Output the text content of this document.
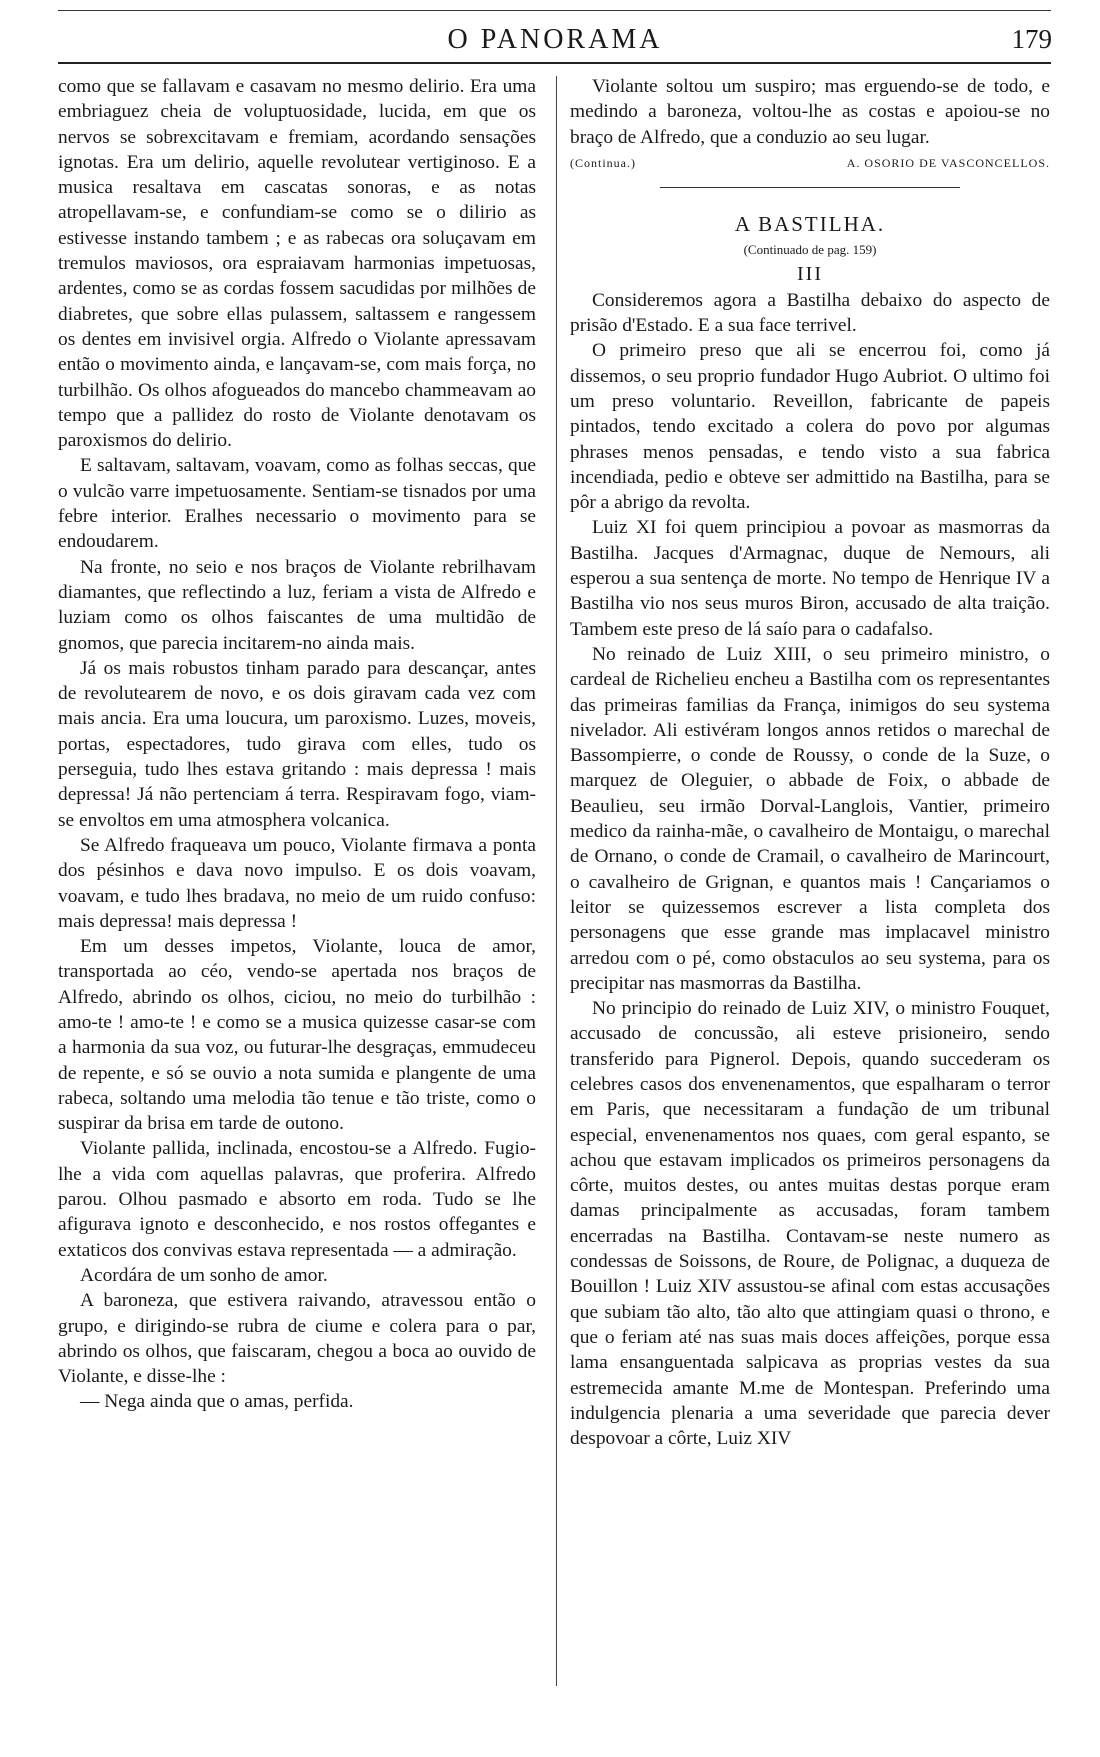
O PANORAMA	179

como que se fallavam e casavam no mesmo delirio. Era uma embriaguez cheia de voluptuosidade, lucida, em que os nervos se sobrexcitavam e fremiam, acordando sensações ignotas. Era um delirio, aquelle revolutear vertiginoso. E a musica resaltava em cascatas sonoras, e as notas atropellavam-se, e confundiam-se como se o dilirio as estivesse instando tambem ; e as rabecas ora soluçavam em tremulos maviosos, ora espraiavam harmonias impetuosas, ardentes, como se as cordas fossem sacudidas por milhões de diabretes, que sobre ellas pulassem, saltassem e rangessem os dentes em invisivel orgia. Alfredo o Violante apressavam então o movimento ainda, e lançavam-se, com mais força, no turbilhão. Os olhos afogueados do mancebo chammeavam ao tempo que a pallidez do rosto de Violante denotavam os paroxismos do delirio.

E saltavam, saltavam, voavam, como as folhas seccas, que o vulcão varre impetuosamente. Sentiam-se tisnados por uma febre interior. Eralhes necessario o movimento para se endoudarem.

Na fronte, no seio e nos braços de Violante rebrilhavam diamantes, que reflectindo a luz, feriam a vista de Alfredo e luziam como os olhos faiscantes de uma multidão de gnomos, que parecia incitarem-no ainda mais.

Já os mais robustos tinham parado para descançar, antes de revolutearem de novo, e os dois giravam cada vez com mais ancia. Era uma loucura, um paroxismo. Luzes, moveis, portas, espectadores, tudo girava com elles, tudo os perseguia, tudo lhes estava gritando : mais depressa ! mais depressa! Já não pertenciam á terra. Respiravam fogo, viam-se envoltos em uma atmosphera volcanica.

Se Alfredo fraqueava um pouco, Violante firmava a ponta dos pésinhos e dava novo impulso. E os dois voavam, voavam, e tudo lhes bradava, no meio de um ruido confuso: mais depressa! mais depressa !

Em um desses impetos, Violante, louca de amor, transportada ao céo, vendo-se apertada nos braços de Alfredo, abrindo os olhos, ciciou, no meio do turbilhão : amo-te ! amo-te ! e como se a musica quizesse casar-se com a harmonia da sua voz, ou futurar-lhe desgraças, emmudeceu de repente, e só se ouvio a nota sumida e plangente de uma rabeca, soltando uma melodia tão tenue e tão triste, como o suspirar da brisa em tarde de outono.

Violante pallida, inclinada, encostou-se a Alfredo. Fugio-lhe a vida com aquellas palavras, que proferira. Alfredo parou. Olhou pasmado e absorto em roda. Tudo se lhe afigurava ignoto e desconhecido, e nos rostos offegantes e extaticos dos convivas estava representada — a admiração.

Acordára de um sonho de amor.

A baroneza, que estivera raivando, atravessou então o grupo, e dirigindo-se rubra de ciume e colera para o par, abrindo os olhos, que faiscaram, chegou a boca ao ouvido de Violante, e disse-lhe :

— Nega ainda que o amas, perfida.

Violante soltou um suspiro; mas erguendo-se de todo, e medindo a baroneza, voltou-lhe as costas e apoiou-se no braço de Alfredo, que a conduzio ao seu lugar.

(Continua.)	A. OSORIO DE VASCONCELLOS.

A BASTILHA.

(Continuado de pag. 159)

III

Consideremos agora a Bastilha debaixo do aspecto de prisão d'Estado. E a sua face terrivel.

O primeiro preso que ali se encerrou foi, como já dissemos, o seu proprio fundador Hugo Aubriot. O ultimo foi um preso voluntario. Reveillon, fabricante de papeis pintados, tendo excitado a colera do povo por algumas phrases menos pensadas, e tendo visto a sua fabrica incendiada, pedio e obteve ser admittido na Bastilha, para se pôr a abrigo da revolta.

Luiz XI foi quem principiou a povoar as masmorras da Bastilha. Jacques d'Armagnac, duque de Nemours, ali esperou a sua sentença de morte. No tempo de Henrique IV a Bastilha vio nos seus muros Biron, accusado de alta traição. Tambem este preso de lá saío para o cadafalso.

No reinado de Luiz XIII, o seu primeiro ministro, o cardeal de Richelieu encheu a Bastilha com os representantes das primeiras familias da França, inimigos do seu systema nivelador. Ali estivéram longos annos retidos o marechal de Bassompierre, o conde de Roussy, o conde de la Suze, o marquez de Oleguier, o abbade de Foix, o abbade de Beaulieu, seu irmão Dorval-Langlois, Vantier, primeiro medico da rainha-mãe, o cavalheiro de Montaigu, o marechal de Ornano, o conde de Cramail, o cavalheiro de Marincourt, o cavalheiro de Grignan, e quantos mais ! Cançariamos o leitor se quizessemos escrever a lista completa dos personagens que esse grande mas implacavel ministro arredou com o pé, como obstaculos ao seu systema, para os precipitar nas masmorras da Bastilha.

No principio do reinado de Luiz XIV, o ministro Fouquet, accusado de concussão, ali esteve prisioneiro, sendo transferido para Pignerol. Depois, quando succederam os celebres casos dos envenenamentos, que espalharam o terror em Paris, que necessitaram a fundação de um tribunal especial, envenenamentos nos quaes, com geral espanto, se achou que estavam implicados os primeiros personagens da côrte, muitos destes, ou antes muitas destas porque eram damas principalmente as accusadas, foram tambem encerradas na Bastilha. Contavam-se neste numero as condessas de Soissons, de Roure, de Polignac, a duqueza de Bouillon ! Luiz XIV assustou-se afinal com estas accusações que subiam tão alto, tão alto que attingiam quasi o throno, e que o feriam até nas suas mais doces affeições, porque essa lama ensanguentada salpicava as proprias vestes da sua estremecida amante M.me de Montespan. Preferindo uma indulgencia plenaria a uma severidade que parecia dever despovoar a côrte, Luiz XIV
